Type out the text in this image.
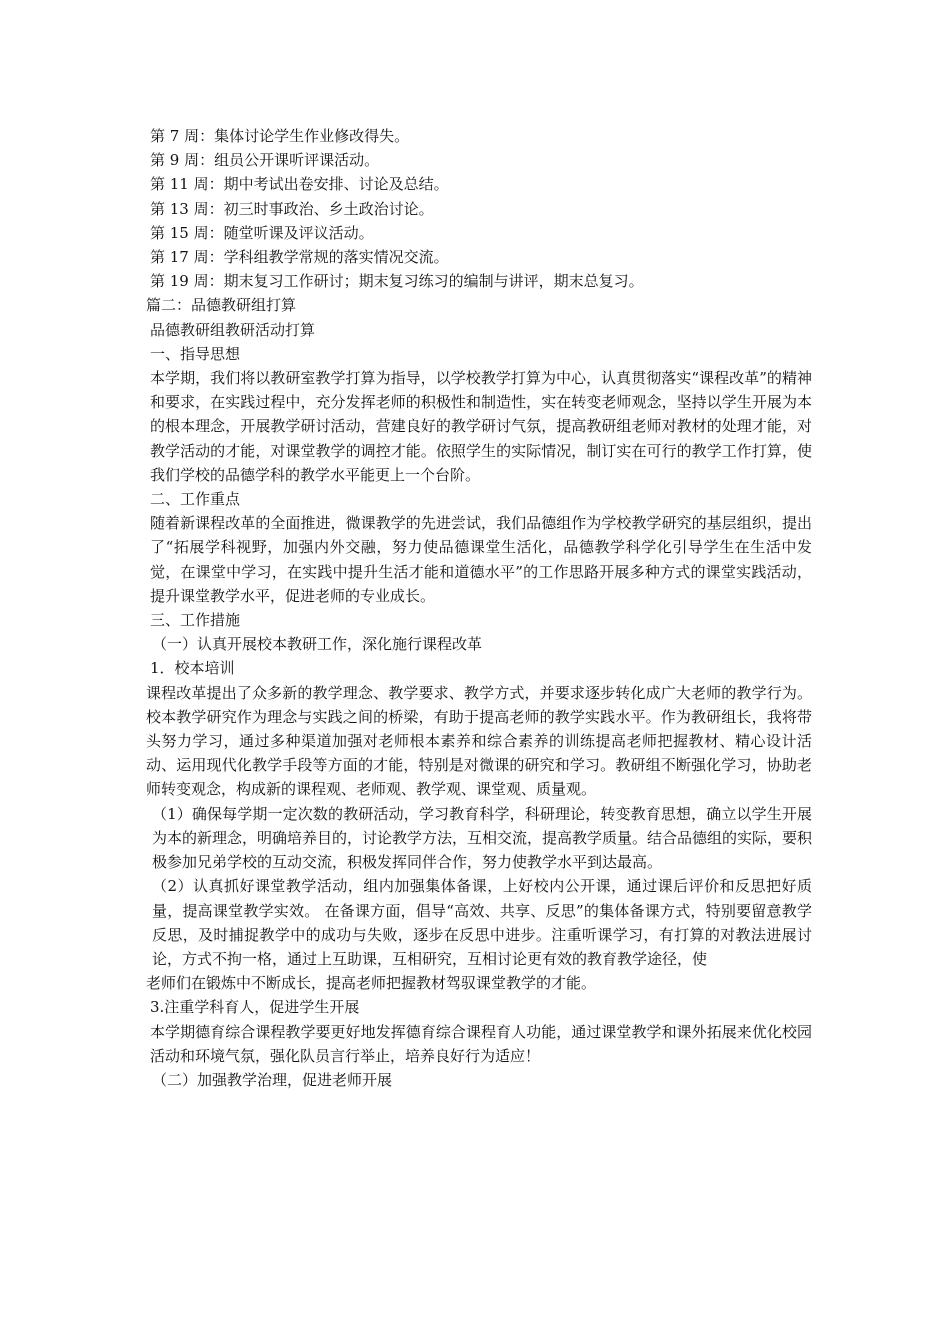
第 7 周：集体讨论学生作业修改得失。
第 9 周：组员公开课听评课活动。
第 11 周：期中考试出卷安排、讨论及总结。
第 13 周：初三时事政治、乡土政治讨论。
第 15 周：随堂听课及评议活动。
第 17 周：学科组教学常规的落实情况交流。
第 19 周：期末复习工作研讨；期末复习练习的编制与讲评，期末总复习。
篇二：品德教研组打算
品德教研组教研活动打算
一、指导思想
本学期，我们将以教研室教学打算为指导，以学校教学打算为中心，认真贯彻落实“课程改革”的精神和要求，在实践过程中，充分发挥老师的积极性和制造性，实在转变老师观念，坚持以学生开展为本的根本理念，开展教学研讨活动，营建良好的教学研讨气氛，提高教研组老师对教材的处理才能，对教学活动的才能，对课堂教学的调控才能。依照学生的实际情况，制订实在可行的教学工作打算，使我们学校的品德学科的教学水平能更上一个台阶。
二、工作重点
随着新课程改革的全面推进，微课教学的先进尝试，我们品德组作为学校教学研究的基层组织，提出了“拓展学科视野，加强内外交融，努力使品德课堂生活化，品德教学科学化引导学生在生活中发觉，在课堂中学习，在实践中提升生活才能和道德水平”的工作思路开展多种方式的课堂实践活动，提升课堂教学水平，促进老师的专业成长。
三、工作措施
（一）认真开展校本教研工作，深化施行课程改革
1．校本培训
课程改革提出了众多新的教学理念、教学要求、教学方式，并要求逐步转化成广大老师的教学行为。校本教学研究作为理念与实践之间的桥梁，有助于提高老师的教学实践水平。作为教研组长，我将带头努力学习，通过多种渠道加强对老师根本素养和综合素养的训练提高老师把握教材、精心设计活动、运用现代化教学手段等方面的才能，特别是对微课的研究和学习。教研组不断强化学习，协助老师转变观念，构成新的课程观、老师观、教学观、课堂观、质量观。
（1）确保每学期一定次数的教研活动，学习教育科学，科研理论，转变教育思想，确立以学生开展为本的新理念，明确培养目的，讨论教学方法，互相交流，提高教学质量。结合品德组的实际，要积极参加兄弟学校的互动交流，积极发挥同伴合作，努力使教学水平到达最高。
（2）认真抓好课堂教学活动，组内加强集体备课，上好校内公开课，通过课后评价和反思把好质量，提高课堂教学实效。 在备课方面，倡导“高效、共享、反思”的集体备课方式，特别要留意教学反思，及时捕捉教学中的成功与失败，逐步在反思中进步。注重听课学习，有打算的对教法进展讨论，方式不拘一格，通过上互助课，互相研究，互相讨论更有效的教育教学途径，使
老师们在锻炼中不断成长，提高老师把握教材驾驭课堂教学的才能。
3.注重学科育人，促进学生开展
本学期德育综合课程教学要更好地发挥德育综合课程育人功能，通过课堂教学和课外拓展来优化校园活动和环境气氛，强化队员言行举止，培养良好行为适应！
（二）加强教学治理，促进老师开展
